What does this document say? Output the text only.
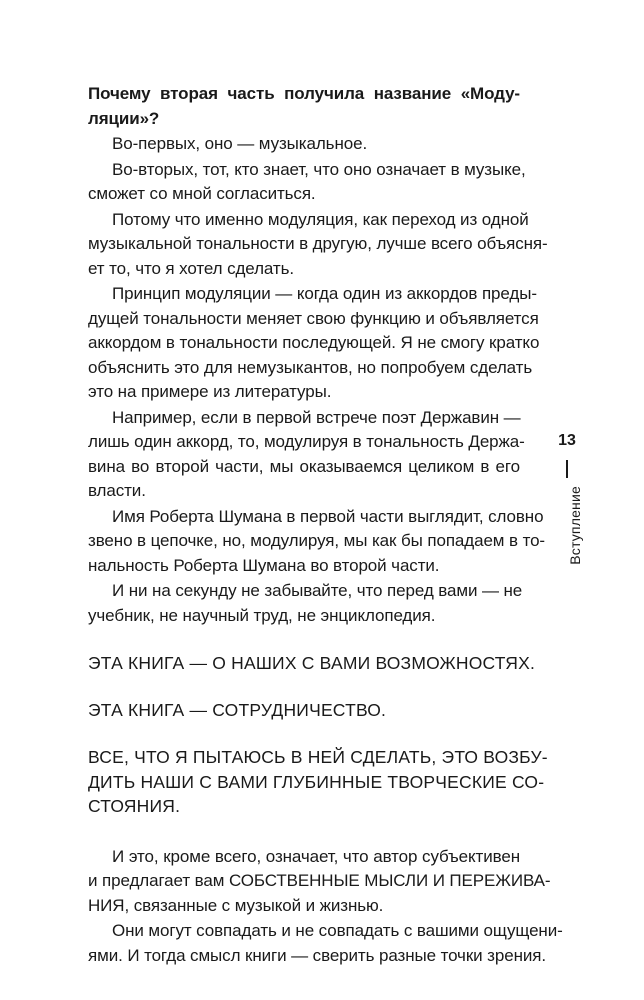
Почему вторая часть получила название «Моду-
ляции»?
Во-первых, оно — музыкальное.
Во-вторых, тот, кто знает, что оно означает в музыке,
сможет со мной согласиться.
Потому что именно модуляция, как переход из одной
музыкальной тональности в другую, лучше всего объясня-
ет то, что я хотел сделать.
Принцип модуляции — когда один из аккордов преды-
дущей тональности меняет свою функцию и объявляется
аккордом в тональности последующей. Я не смогу кратко
объяснить это для немузыкантов, но попробуем сделать
это на примере из литературы.
Например, если в первой встрече поэт Державин —
лишь один аккорд, то, модулируя в тональность Держа-
вина во второй части, мы оказываемся целиком в его
власти.
Имя Роберта Шумана в первой части выглядит, словно
звено в цепочке, но, модулируя, мы как бы попадаем в то-
нальность Роберта Шумана во второй части.
И ни на секунду не забывайте, что перед вами — не
учебник, не научный труд, не энциклопедия.
ЭТА КНИГА — О НАШИХ С ВАМИ ВОЗМОЖНОСТЯХ.
ЭТА КНИГА — СОТРУДНИЧЕСТВО.
ВСЕ, ЧТО Я ПЫТАЮСЬ В НЕЙ СДЕЛАТЬ, ЭТО ВОЗБУ-
ДИТЬ НАШИ С ВАМИ ГЛУБИННЫЕ ТВОРЧЕСКИЕ СО-
СТОЯНИЯ.
И это, кроме всего, означает, что автор субъективен
и предлагает вам СОБСТВЕННЫЕ МЫСЛИ И ПЕРЕЖИВА-
НИЯ, связанные с музыкой и жизнью.
Они могут совпадать и не совпадать с вашими ощущени-
ями. И тогда смысл книги — сверить разные точки зрения.
13
Вступление
